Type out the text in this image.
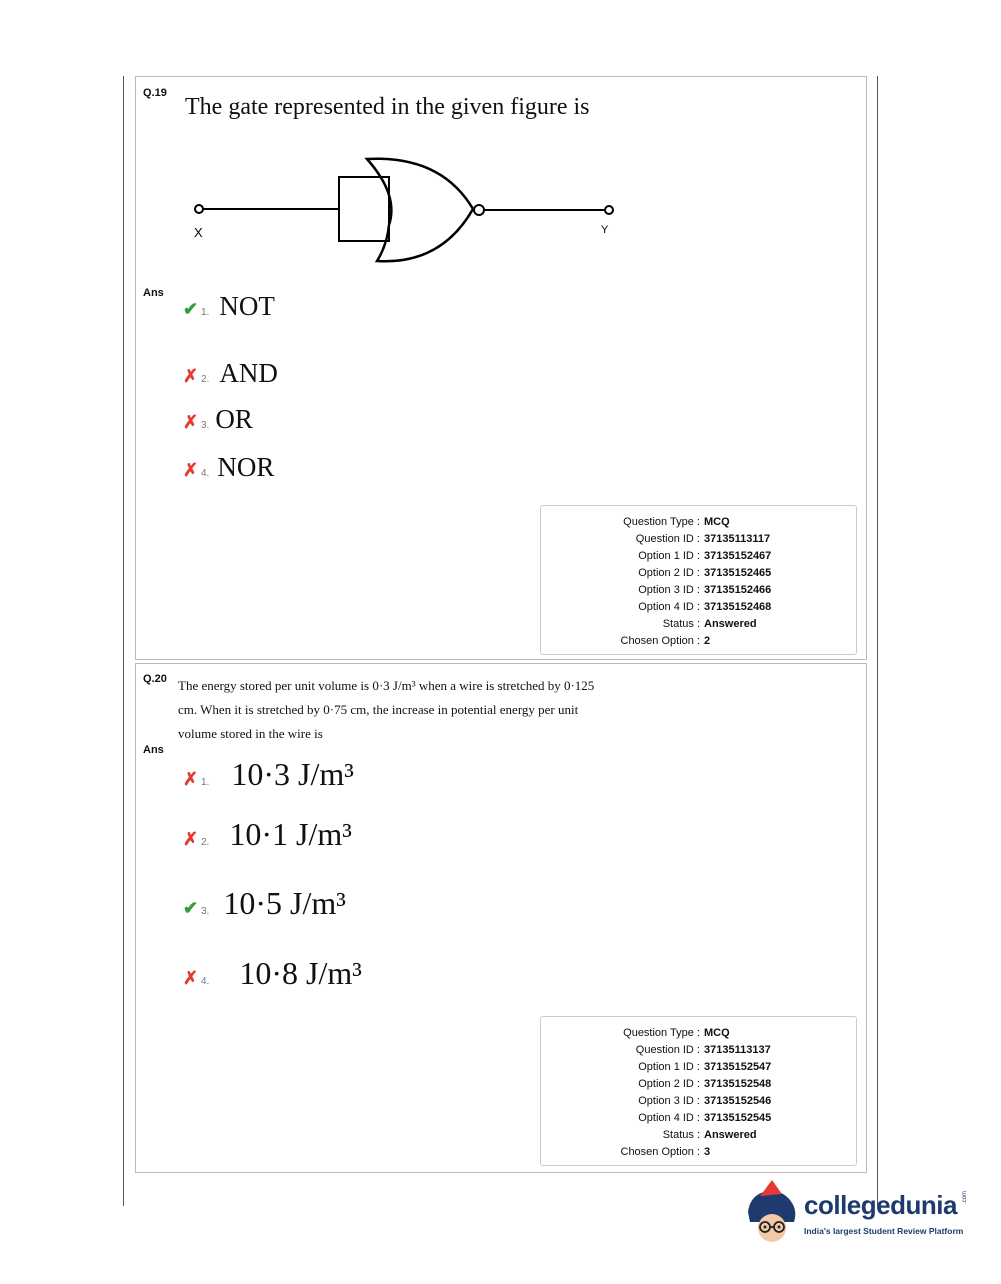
Q.19
The gate represented in the given figure is
X	Y
Ans
✔ 1. NOT
✗ 2. AND
✗ 3. OR
✗ 4. NOR
Question Type : MCQ
Question ID : 37135113117
Option 1 ID : 37135152467
Option 2 ID : 37135152465
Option 3 ID : 37135152466
Option 4 ID : 37135152468
Status : Answered
Chosen Option : 2
Q.20 The energy stored per unit volume is 0·3 J/m³ when a wire is stretched by 0·125
cm. When it is stretched by 0·75 cm, the increase in potential energy per unit
volume stored in the wire is
Ans
✗ 1. 10·3 J/m³
✗ 2. 10·1 J/m³
✔ 3. 10·5 J/m³
✗ 4. 10·8 J/m³
Question Type : MCQ
Question ID : 37135113137
Option 1 ID : 37135152547
Option 2 ID : 37135152548
Option 3 ID : 37135152546
Option 4 ID : 37135152545
Status : Answered
Chosen Option : 3
collegedunia .com
India's largest Student Review Platform
